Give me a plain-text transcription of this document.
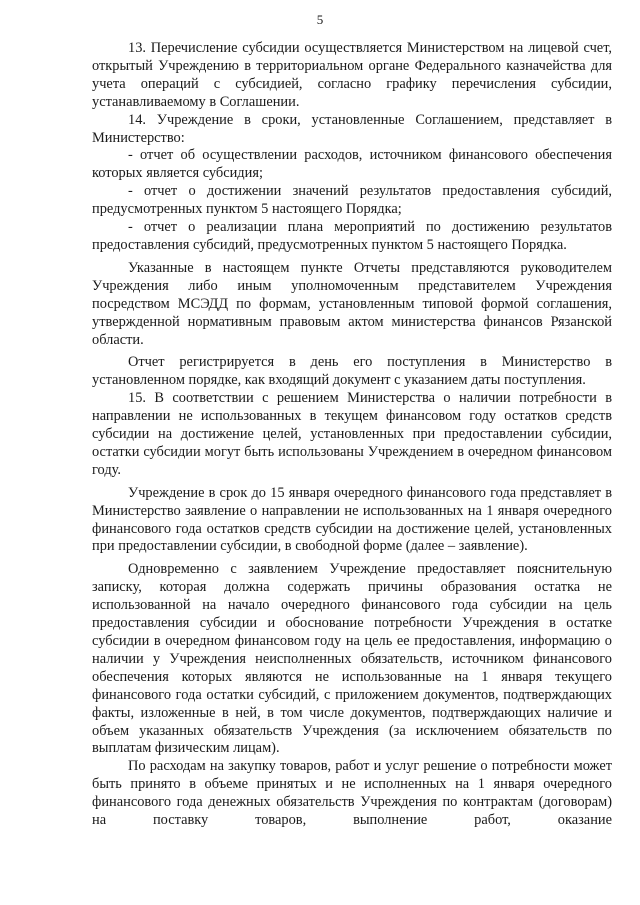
5

13. Перечисление субсидии осуществляется Министерством на лицевой счет, открытый Учреждению в территориальном органе Федерального казначейства для учета операций с субсидией, согласно графику перечисления субсидии, устанавливаемому в Соглашении.

14. Учреждение в сроки, установленные Соглашением, представляет в Министерство:

- отчет об осуществлении расходов, источником финансового обеспечения которых является субсидия;

- отчет о достижении значений результатов предоставления субсидий, предусмотренных пунктом 5 настоящего Порядка;

- отчет о реализации плана мероприятий по достижению результатов предоставления субсидий, предусмотренных пунктом 5 настоящего Порядка.

Указанные в настоящем пункте Отчеты представляются руководителем Учреждения либо иным уполномоченным представителем Учреждения посредством МСЭДД по формам, установленным типовой формой соглашения, утвержденной нормативным правовым актом министерства финансов Рязанской области.

Отчет регистрируется в день его поступления в Министерство в установленном порядке, как входящий документ с указанием даты поступления.

15. В соответствии с решением Министерства о наличии потребности в направлении не использованных в текущем финансовом году остатков средств субсидии на достижение целей, установленных при предоставлении субсидии, остатки субсидии могут быть использованы Учреждением в очередном финансовом году.

Учреждение в срок до 15 января очередного финансового года представляет в Министерство заявление о направлении не использованных на 1 января очередного финансового года остатков средств субсидии на достижение целей, установленных при предоставлении субсидии, в свободной форме (далее – заявление).

Одновременно с заявлением Учреждение предоставляет пояснительную записку, которая должна содержать причины образования остатка не использованной на начало очередного финансового года субсидии на цель предоставления субсидии и обоснование потребности Учреждения в остатке субсидии в очередном финансовом году на цель ее предоставления, информацию о наличии у Учреждения неисполненных обязательств, источником финансового обеспечения которых являются не использованные на 1 января текущего финансового года остатки субсидий, с приложением документов, подтверждающих факты, изложенные в ней, в том числе документов, подтверждающих наличие и объем указанных обязательств Учреждения (за исключением обязательств по выплатам физическим лицам).

По расходам на закупку товаров, работ и услуг решение о потребности может быть принято в объеме принятых и не исполненных на 1 января очередного финансового года денежных обязательств Учреждения по контрактам (договорам) на поставку товаров, выполнение работ, оказание
